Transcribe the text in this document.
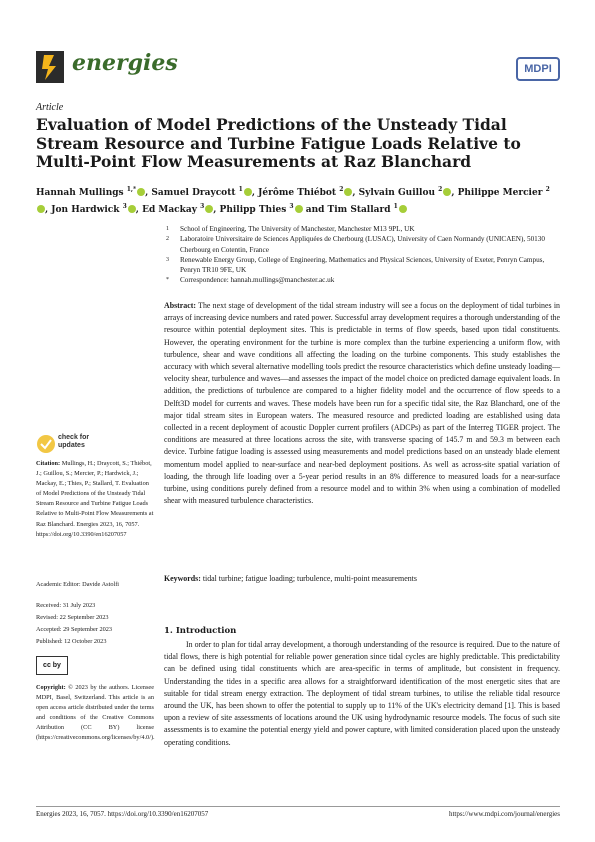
energies	MDPI
Article
Evaluation of Model Predictions of the Unsteady Tidal Stream Resource and Turbine Fatigue Loads Relative to Multi-Point Flow Measurements at Raz Blanchard
Hannah Mullings $^{1,*}$ , Samuel Draycott $^1$ , Jérôme Thiébot $^2$ , Sylvain Guillou $^2$ , Philippe Mercier $^2$, Jon Hardwick $^3$ , Ed Mackay $^3$ , Philipp Thies $^3$ and Tim Stallard $^1$
1	School of Engineering, The University of Manchester, Manchester M13 9PL, UK
2	Laboratoire Universitaire de Sciences Appliquées de Cherbourg (LUSAC), University of Caen Normandy (UNICAEN), 50130 Cherbourg en Cotentin, France
3	Renewable Energy Group, College of Engineering, Mathematics and Physical Sciences, University of Exeter, Penryn Campus, Penryn TR10 9FE, UK
*	Correspondence: hannah.mullings@manchester.ac.uk
Abstract: The next stage of development of the tidal stream industry will see a focus on the deployment of tidal turbines in arrays of increasing device numbers and rated power. Successful array development requires a thorough understanding of the resource within potential deployment sites. This is predictable in terms of flow speeds, based upon tidal constituents. However, the operating environment for the turbine is more complex than the turbine experiencing a uniform flow, with turbulence, shear and wave conditions all affecting the loading on the turbine components. This study establishes the accuracy with which several alternative modelling tools predict the resource characteristics which define unsteady loading—velocity shear, turbulence and waves—and assesses the impact of the model choice on predicted damage equivalent loads. In addition, the predictions of turbulence are compared to a higher fidelity model and the occurrence of flow speeds to a Delft3D model for currents and waves. These models have been run for a specific tidal site, the Raz Blanchard, one of the major tidal stream sites in European waters. The measured resource and predicted loading are established using data collected in a recent deployment of acoustic Doppler current profilers (ADCPs) as part of the Interreg TIGER project. The conditions are measured at three locations across the site, with transverse spacing of 145.7 m and 59.3 m between each device. Turbine fatigue loading is assessed using measurements and model predictions based on an unsteady blade element momentum model applied to near-surface and near-bed deployment positions. As well as across-site spatial variation of loading, the through life loading over a 5-year period results in an 8% difference to measured loads for a near-surface turbine, using conditions purely defined from a resource model and to within 3% when using a combination of modelled shear with measured turbulence characteristics.
Keywords: tidal turbine; fatigue loading; turbulence, multi-point measurements
1. Introduction
In order to plan for tidal array development, a thorough understanding of the resource is required. Due to the nature of tidal flows, there is high potential for reliable power generation since tidal cycles are highly predictable. This predictability can be defined using tidal constituents which are area-specific in terms of amplitude, but consistent in frequency. Understanding the tides in a specific area allows for a straightforward identification of the most energetic sites that are suitable for tidal stream energy extraction. The deployment of tidal stream turbines, to utilise the reliable tidal resource around the UK, has been shown to offer the potential to supply up to 11% of the UK's electricity demand [1]. This is based upon a review of site assessments of locations around the UK using hydrodynamic resource models. The focus of such site assessments is to examine the potential energy yield and power capture, with limited consideration placed upon the unsteady operating conditions.
check for updates
Citation: Mullings, H.; Draycott, S.; Thiébot, J.; Guillou, S.; Mercier, P.; Hardwick, J.; Mackay, E.; Thies, P.; Stallard, T. Evaluation of Model Predictions of the Unsteady Tidal Stream Resource and Turbine Fatigue Loads Relative to Multi-Point Flow Measurements at Raz Blanchard. Energies 2023, 16, 7057. https://doi.org/10.3390/en16207057
Academic Editor: Davide Astolfi
Received: 31 July 2023
Revised: 22 September 2023
Accepted: 29 September 2023
Published: 12 October 2023
cc by
Copyright: © 2023 by the authors. Licensee MDPI, Basel, Switzerland. This article is an open access article distributed under the terms and conditions of the Creative Commons Attribution (CC BY) license (https://creativecommons.org/licenses/by/4.0/).
Energies 2023, 16, 7057. https://doi.org/10.3390/en16207057	https://www.mdpi.com/journal/energies
